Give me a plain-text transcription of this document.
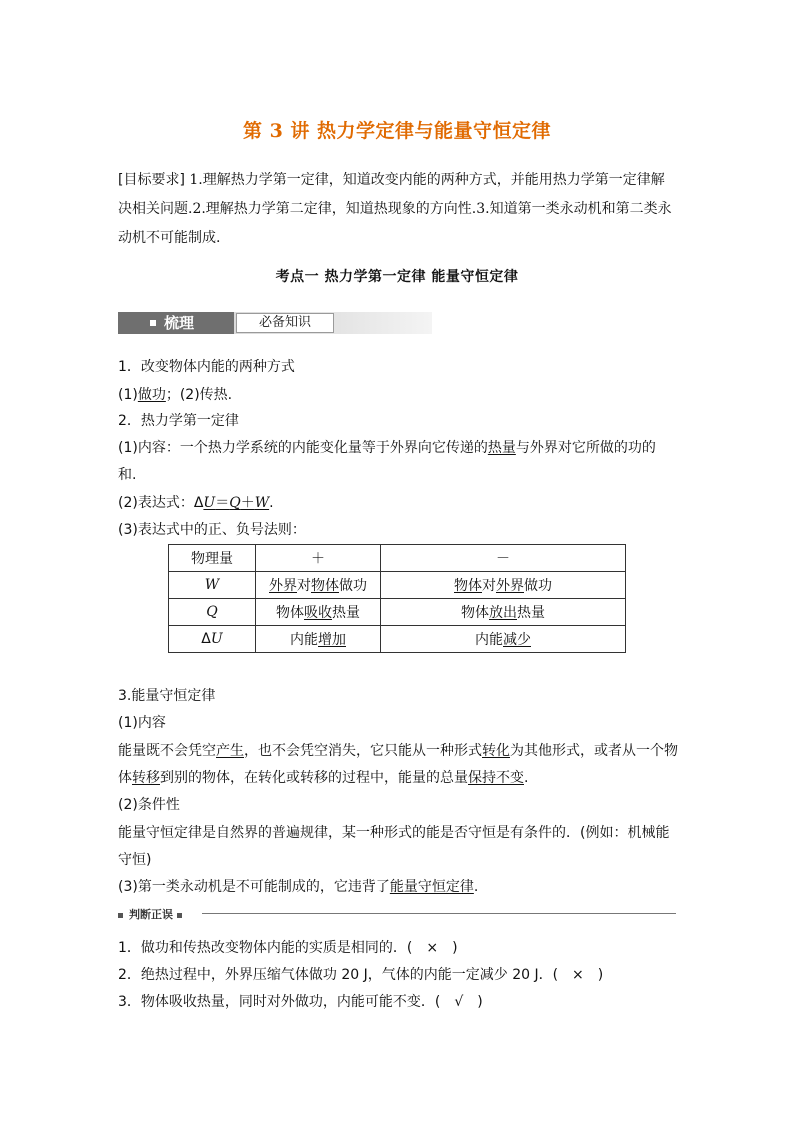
第 3 讲 热力学定律与能量守恒定律
[目标要求] 1.理解热力学第一定律，知道改变内能的两种方式，并能用热力学第一定律解决相关问题.2.理解热力学第二定律，知道热现象的方向性.3.知道第一类永动机和第二类永动机不可能制成.
考点一 热力学第一定律 能量守恒定律
梳理	必备知识
1．改变物体内能的两种方式
(1)做功；(2)传热.
2．热力学第一定律
(1)内容：一个热力学系统的内能变化量等于外界向它传递的热量与外界对它所做的功的
和.
(2)表达式：ΔU＝Q＋W.
(3)表达式中的正、负号法则：
物理量	＋	－
W	外界对物体做功	物体对外界做功
Q	物体吸收热量	物体放出热量
ΔU	内能增加	内能减少
3.能量守恒定律
(1)内容
能量既不会凭空产生，也不会凭空消失，它只能从一种形式转化为其他形式，或者从一个物
体转移到别的物体，在转化或转移的过程中，能量的总量保持不变.
(2)条件性
能量守恒定律是自然界的普遍规律，某一种形式的能是否守恒是有条件的．(例如：机械能
守恒)
(3)第一类永动机是不可能制成的，它违背了能量守恒定律.
判断正误
1．做功和传热改变物体内能的实质是相同的．(　×　)
2．绝热过程中，外界压缩气体做功 20 J，气体的内能一定减少 20 J．(　×　)
3．物体吸收热量，同时对外做功，内能可能不变．(　√　)
